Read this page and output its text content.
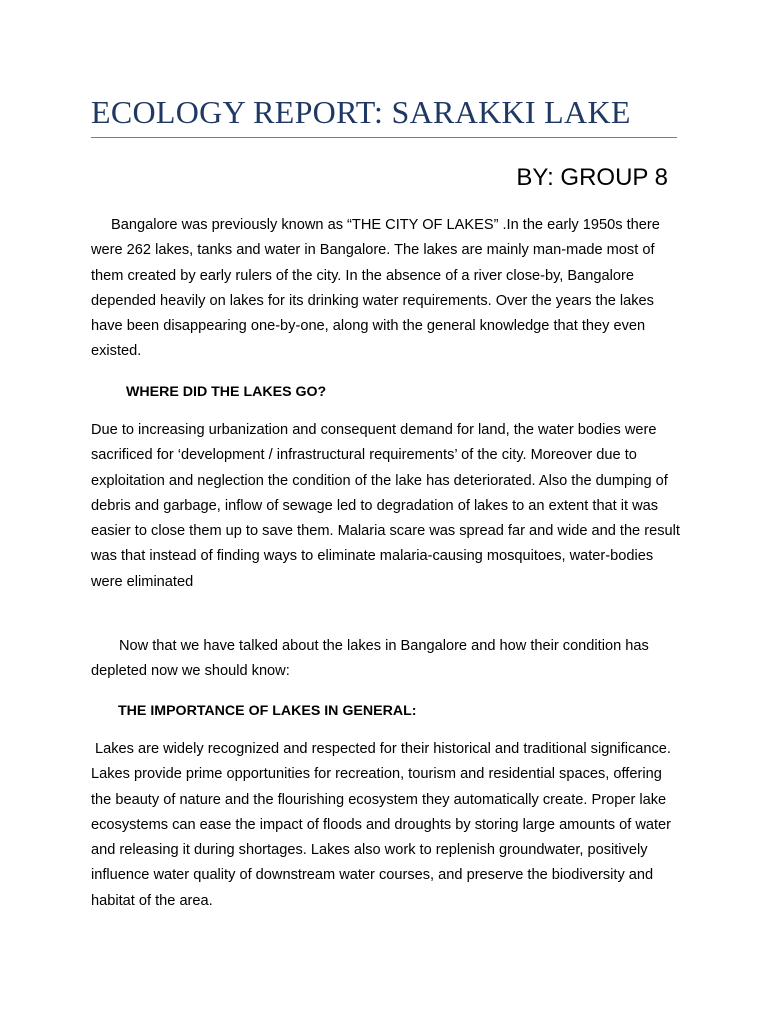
ECOLOGY REPORT: SARAKKI LAKE
BY: GROUP 8

Bangalore was previously known as “THE CITY OF LAKES” .In the early 1950s there were 262 lakes, tanks and water in Bangalore. The lakes are mainly man-made most of them created by early rulers of the city. In the absence of a river close-by, Bangalore depended heavily on lakes for its drinking water requirements. Over the years the lakes have been disappearing one-by-one, along with the general knowledge that they even existed.

WHERE DID THE LAKES GO?

Due to increasing urbanization and consequent demand for land, the water bodies were sacrificed for ‘development / infrastructural requirements’ of the city. Moreover due to exploitation and neglection the condition of the lake has deteriorated. Also the dumping of debris and garbage, inflow of sewage led to degradation of lakes to an extent that it was easier to close them up to save them. Malaria scare was spread far and wide and the result was that instead of finding ways to eliminate malaria-causing mosquitoes, water-bodies were eliminated

Now that we have talked about the lakes in Bangalore and how their condition has depleted now we should know:

THE IMPORTANCE OF LAKES IN GENERAL:

Lakes are widely recognized and respected for their historical and traditional significance. Lakes provide prime opportunities for recreation, tourism and residential spaces, offering the beauty of nature and the flourishing ecosystem they automatically create. Proper lake ecosystems can ease the impact of floods and droughts by storing large amounts of water and releasing it during shortages. Lakes also work to replenish groundwater, positively influence water quality of downstream water courses, and preserve the biodiversity and habitat of the area.
